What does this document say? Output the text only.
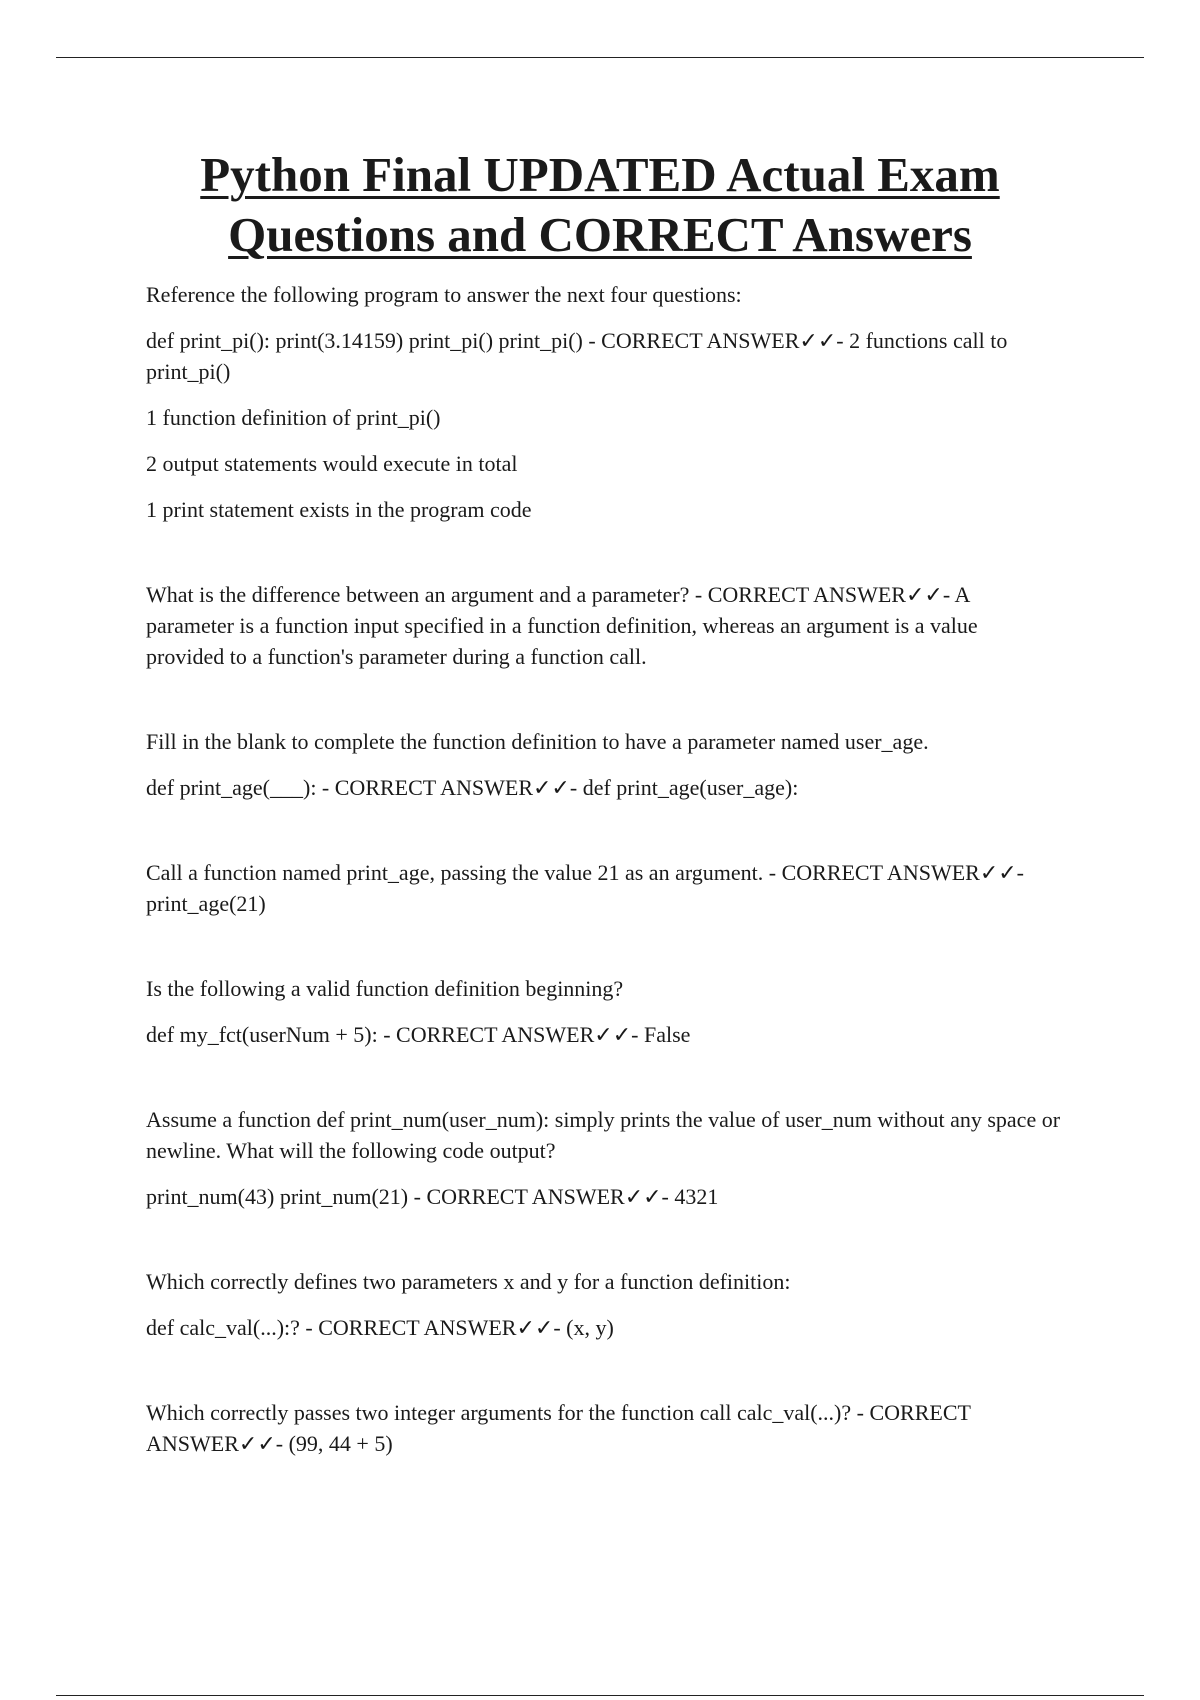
Python Final UPDATED Actual Exam
Questions and CORRECT Answers

Reference the following program to answer the next four questions:

def print_pi(): print(3.14159) print_pi() print_pi() - CORRECT ANSWER✓✓- 2 functions call to print_pi()

1 function definition of print_pi()

2 output statements would execute in total

1 print statement exists in the program code

What is the difference between an argument and a parameter? - CORRECT ANSWER✓✓- A parameter is a function input specified in a function definition, whereas an argument is a value provided to a function's parameter during a function call.

Fill in the blank to complete the function definition to have a parameter named user_age.

def print_age(___): - CORRECT ANSWER✓✓- def print_age(user_age):

Call a function named print_age, passing the value 21 as an argument. - CORRECT ANSWER✓✓- print_age(21)

Is the following a valid function definition beginning?

def my_fct(userNum + 5): - CORRECT ANSWER✓✓- False

Assume a function def print_num(user_num): simply prints the value of user_num without any space or newline. What will the following code output?

print_num(43) print_num(21) - CORRECT ANSWER✓✓- 4321

Which correctly defines two parameters x and y for a function definition:

def calc_val(...):? - CORRECT ANSWER✓✓- (x, y)

Which correctly passes two integer arguments for the function call calc_val(...)? - CORRECT ANSWER✓✓- (99, 44 + 5)
